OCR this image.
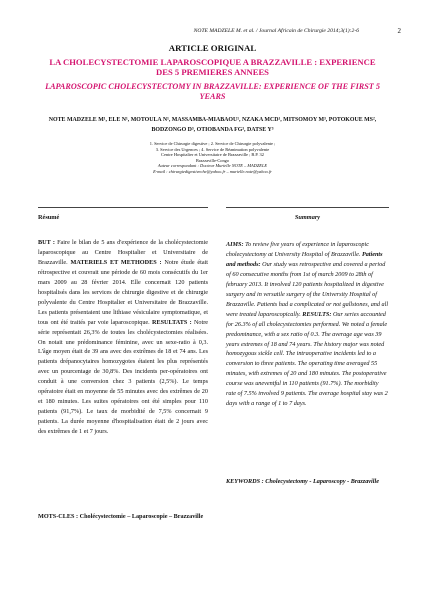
NOTE MADZELE M. et al. / Journal Africain de Chirurgie 2014;3(1):2-6	2
ARTICLE ORIGINAL
LA CHOLECYSTECTOMIE LAPAROSCOPIQUE A BRAZZAVILLE : EXPERIENCE DES 5 PREMIERES ANNEES
LAPAROSCOPIC CHOLECYSTECTOMY IN BRAZZAVILLE: EXPERIENCE OF THE FIRST 5 YEARS
NOTE MADZELE M¹, ELE N¹, MOTOULA N¹, MASSAMBA-MIABAOU¹, NZAKA MCD¹, MITSOMOY M³, POTOKOUE MS², BODZONGO D³, OTIOBANDA FG³, DATSE Y³
1. Service de Chirurgie digestive ; 2. Service de Chirurgie polyvalente ;
3. Service des Urgences ; 4. Service de Réanimation polyvalente
Centre Hospitalier et Universitaire de Brazzaville ; B.P. 32
Brazzaville-Congo
Auteur correspondant : Docteur Murielle NOTE – MADZELE
E-mail : chirurgiedigestiveche@yahoo.fr – murielle.note@yahoo.fr
Résumé	Summary
BUT : Faire le bilan de 5 ans d'expérience de la cholécystectomie laparoscopique au Centre Hospitalier et Universitaire de Brazzaville. MATERIELS ET METHODES : Notre étude était rétrospective et couvrait une période de 60 mois consécutifs du 1er mars 2009 au 28 février 2014. Elle concernait 120 patients hospitalisés dans les services de chirurgie digestive et de chirurgie polyvalente du Centre Hospitalier et Universitaire de Brazzaville. Les patients présentaient une lithiase vésiculaire symptomatique, et tous ont été traités par voie laparoscopique. RESULTATS : Notre série représentait 26,3% de toutes les cholécystectomies réalisées. On notait une prédominance féminine, avec un sexe-ratio à 0,3. L'âge moyen était de 39 ans avec des extrêmes de 18 et 74 ans. Les patients drépanocytaires homozygotes étaient les plus représentés avec un pourcentage de 30,8%. Des incidents per-opératoires ont conduit à une conversion chez 3 patients (2,5%). Le temps opératoire était en moyenne de 55 minutes avec des extrêmes de 20 et 180 minutes. Les suites opératoires ont été simples pour 110 patients (91,7%). Le taux de morbidité de 7,5% concernait 9 patients. La durée moyenne d'hospitalisation était de 2 jours avec des extrêmes de 1 et 7 jours.
MOTS-CLES : Cholécystectomie – Laparoscopie – Brazzaville
AIMS: To review five years of experience in laparoscopic cholecystectomy at University Hospital of Brazzaville. Patients and methods: Our study was retrospective and covered a period of 60 consecutive months from 1st of march 2009 to 28th of february 2013. It involved 120 patients hospitalized in digestive surgery and in versatile surgery of the University Hospital of Brazzaville. Patients had a complicated or not gallstones, and all were treated laparoscopically. RESULTS: Our series accounted for 26.3% of all cholecystectomies performed. We noted a female predominance, with a sex ratio of 0.3. The average age was 39 years extremes of 18 and 74 years. The history major was noted homozygous sickle cell. The intraoperative incidents led to a conversion to three patients. The operating time averaged 55 minutes, with extremes of 20 and 180 minutes. The postoperative course was uneventful in 110 patients (91.7%). The morbidity rate of 7.5% involved 9 patients. The average hospital stay was 2 days with a range of 1 to 7 days.
KEYWORDS : Cholecystectomy - Laparoscopy - Brazzaville
